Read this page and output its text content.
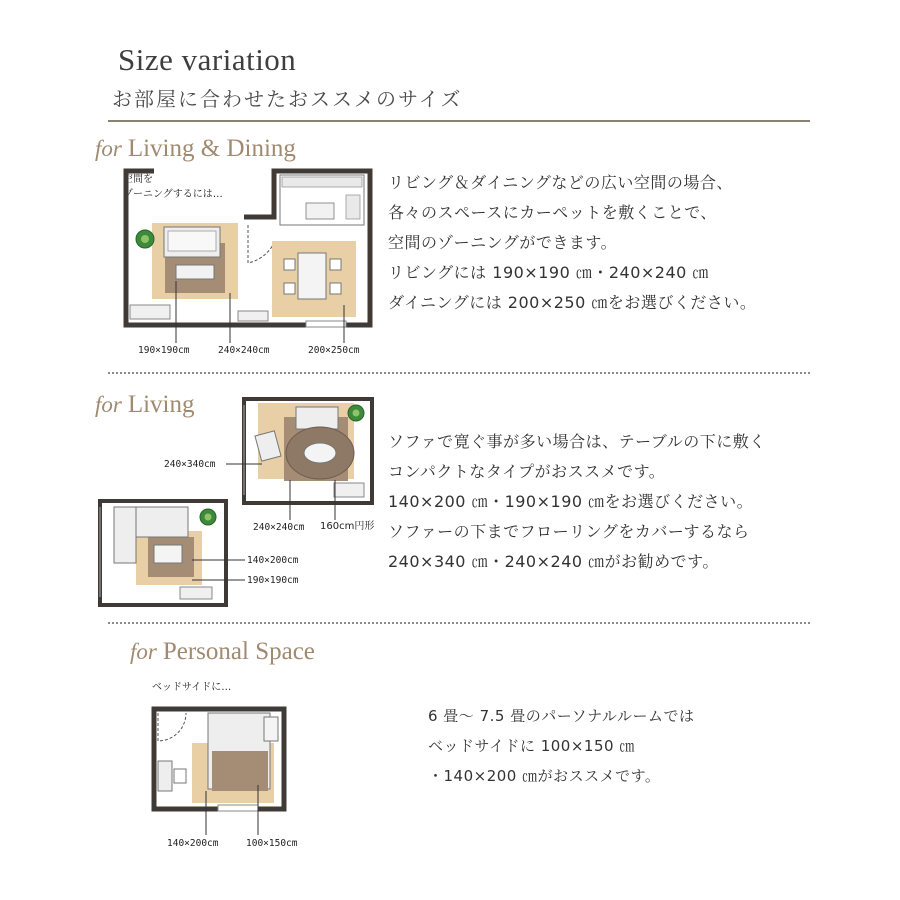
Size variation
お部屋に合わせたおススメのサイズ
for Living & Dining
空間を
ゾーニングするには…
190×190cm	240×240cm	200×250cm
リビング＆ダイニングなどの広い空間の場合、
各々のスペースにカーペットを敷くことで、
空間のゾーニングができます。
リビングには 190×190 ㎝・240×240 ㎝
ダイニングには 200×250 ㎝をお選びください。
for Living
240×340cm
240×240cm 160cm円形
140×200cm
190×190cm
ソファで寛ぐ事が多い場合は、テーブルの下に敷く
コンパクトなタイプがおススメです。
140×200 ㎝・190×190 ㎝をお選びください。
ソファーの下までフローリングをカバーするなら
240×340 ㎝・240×240 ㎝がお勧めです。
for Personal Space
ベッドサイドに…
140×200cm	100×150cm
6 畳～ 7.5 畳のパーソナルルームでは
ベッドサイドに 100×150 ㎝
・140×200 ㎝がおススメです。
